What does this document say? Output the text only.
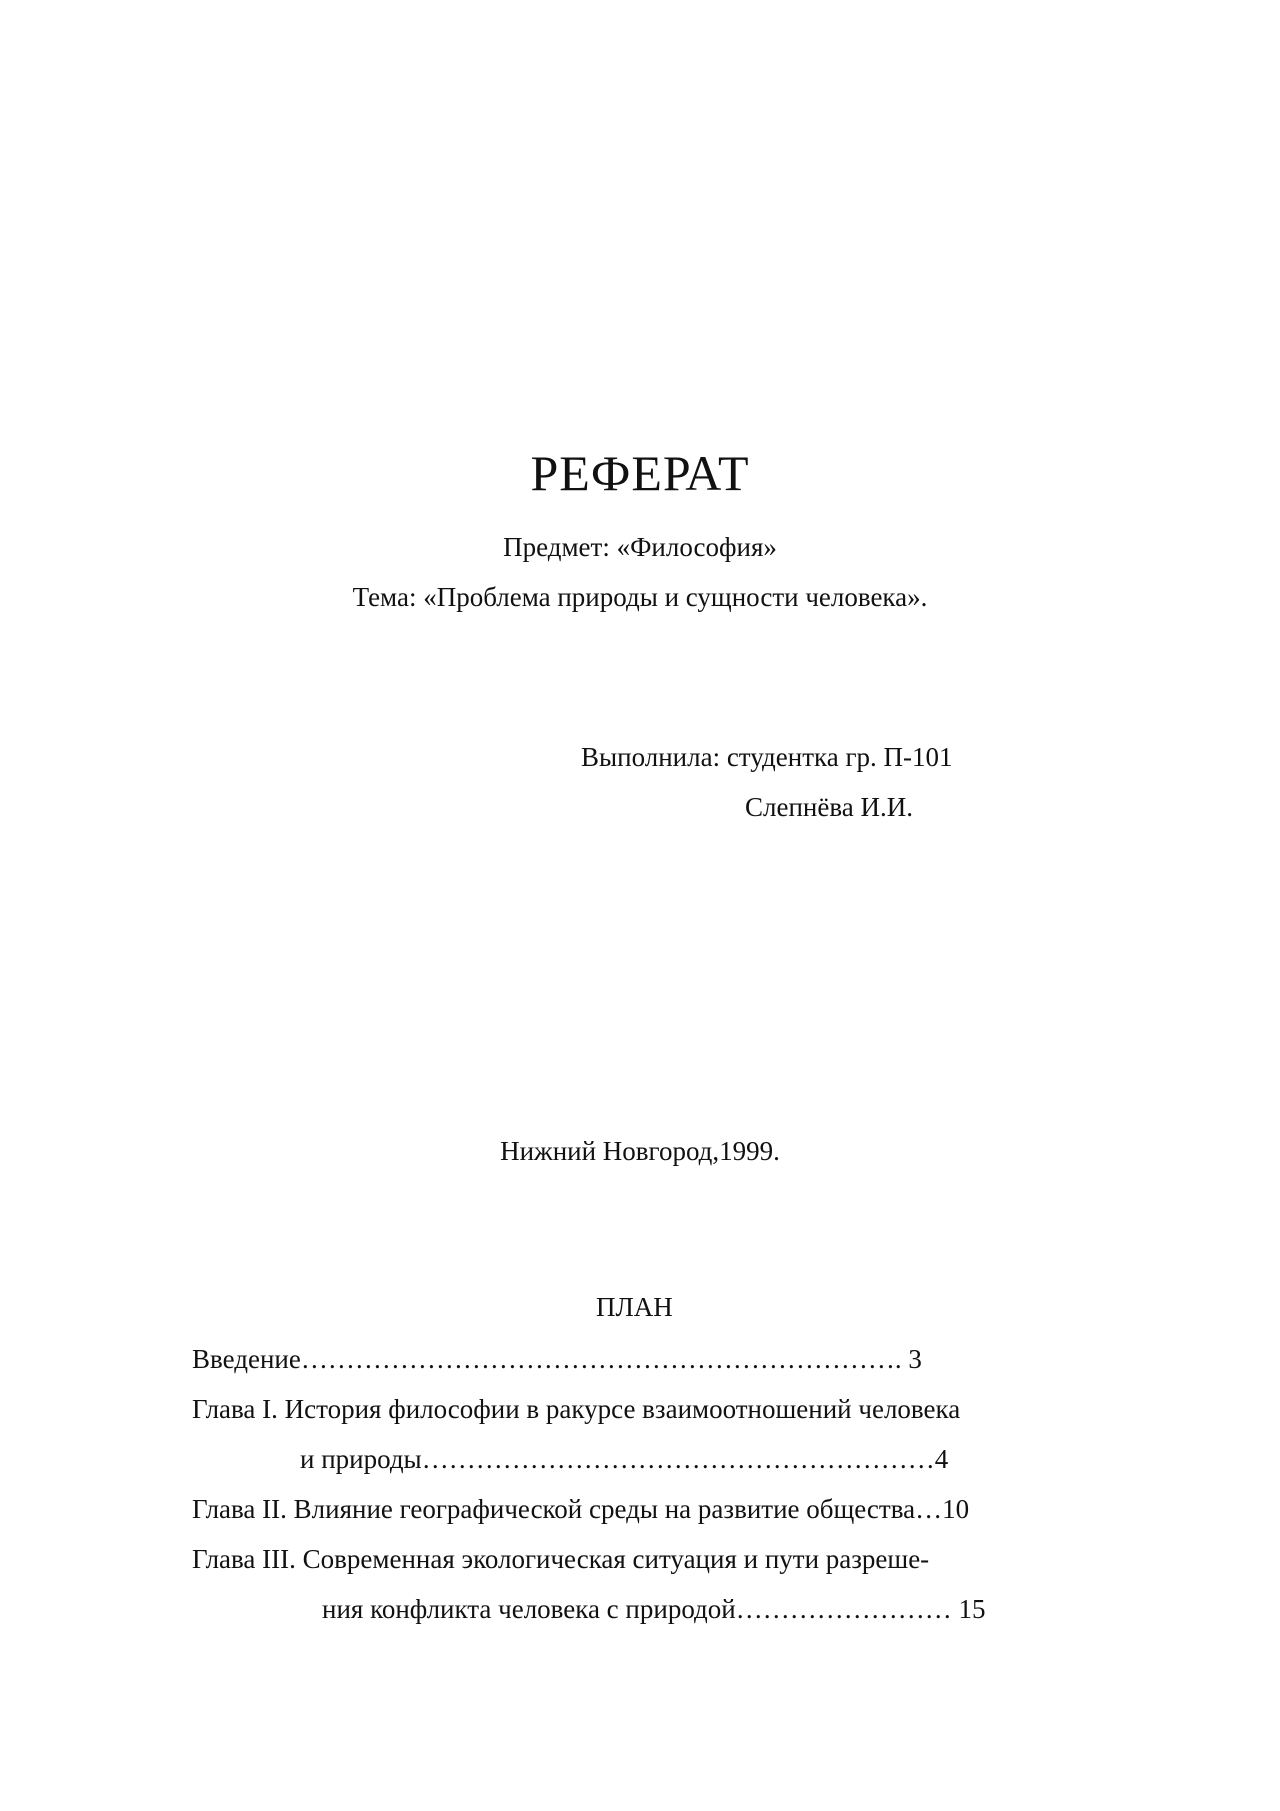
РЕФЕРАТ
Предмет: «Философия»
Тема: «Проблема природы и сущности человека».
Выполнила: студентка гр. П-101
Слепнёва И.И.
Нижний Новгород,1999.
ПЛАН
Введение…………………………………………………………. 3
Глава I. История философии в ракурсе взаимоотношений человека
и природы…………………………………………………4
Глава II. Влияние географической среды на развитие общества…10
Глава III. Современная экологическая ситуация и пути разреше-
ния конфликта человека с природой…………………… 15
